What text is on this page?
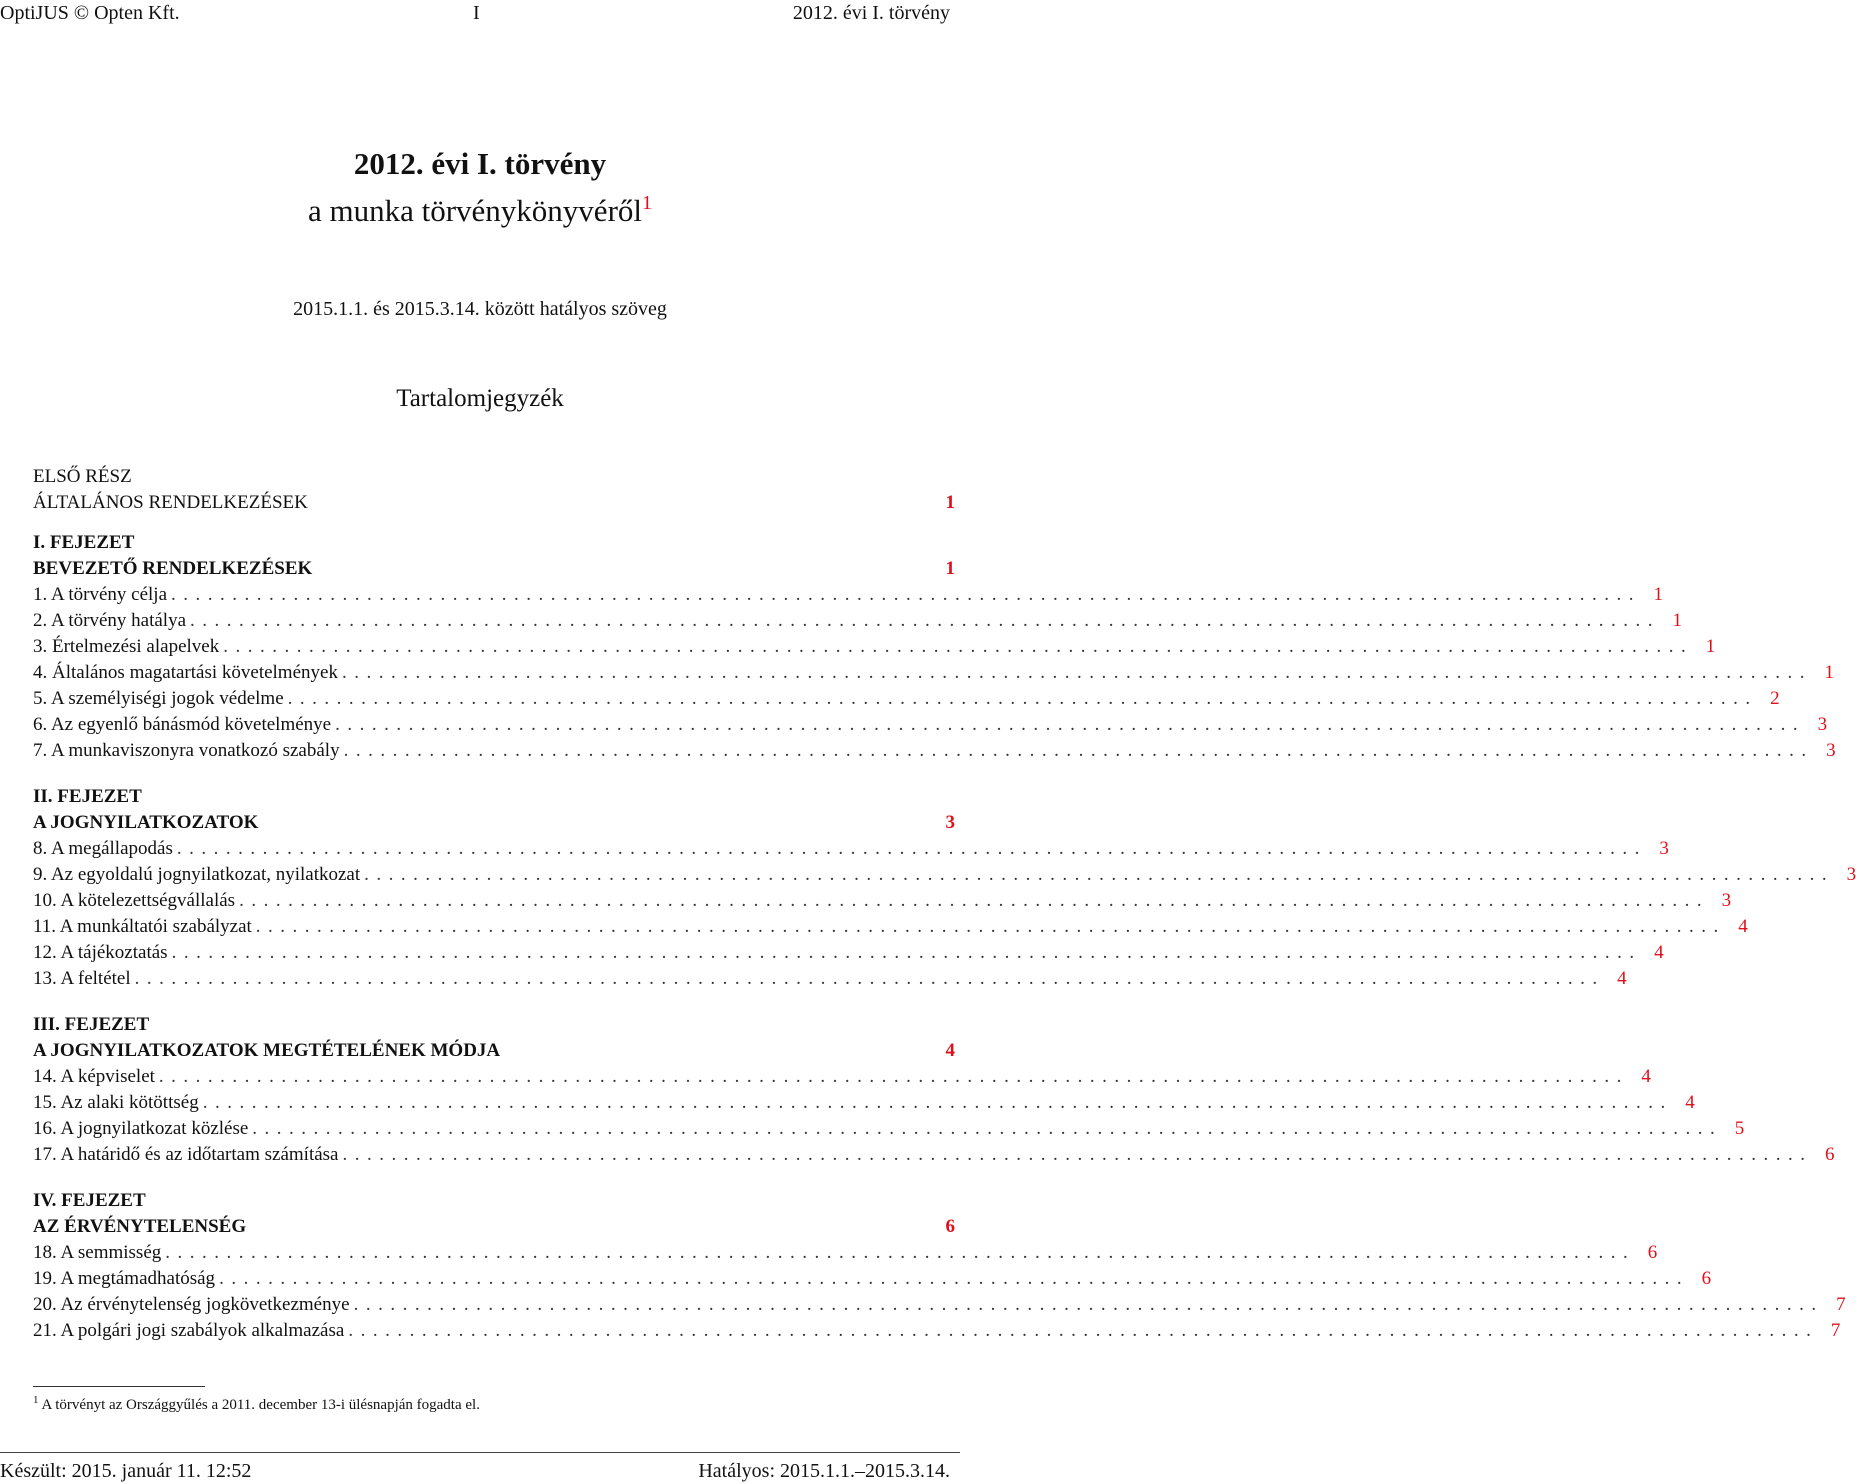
OptiJUS © Opten Kft.	I	2012. évi I. törvény
2012. évi I. törvény
a munka törvénykönyvéről$^1$
2015.1.1. és 2015.3.14. között hatályos szöveg
Tartalomjegyzék
ELSŐ RÉSZ
ÁLTALÁNOS RENDELKEZÉSEK	1
I. FEJEZET
BEVEZETŐ RENDELKEZÉSEK	1
1. A törvény célja ........................................................................................................................ 1
2. A törvény hatálya ........................................................................................................................ 1
3. Értelmezési alapelvek ........................................................................................................................ 1
4. Általános magatartási követelmények ........................................................................................................................ 1
5. A személyiségi jogok védelme ........................................................................................................................ 2
6. Az egyenlő bánásmód követelménye ........................................................................................................................ 3
7. A munkaviszonyra vonatkozó szabály ........................................................................................................................ 3
II. FEJEZET
A JOGNYILATKOZATOK	3
8. A megállapodás ........................................................................................................................ 3
9. Az egyoldalú jognyilatkozat, nyilatkozat ........................................................................................................................ 3
10. A kötelezettségvállalás ........................................................................................................................ 3
11. A munkáltatói szabályzat ........................................................................................................................ 4
12. A tájékoztatás ........................................................................................................................ 4
13. A feltétel ........................................................................................................................ 4
III. FEJEZET
A JOGNYILATKOZATOK MEGTÉTELÉNEK MÓDJA	4
14. A képviselet ........................................................................................................................ 4
15. Az alaki kötöttség ........................................................................................................................ 4
16. A jognyilatkozat közlése ........................................................................................................................ 5
17. A határidő és az időtartam számítása ........................................................................................................................ 6
IV. FEJEZET
AZ ÉRVÉNYTELENSÉG	6
18. A semmisség ........................................................................................................................ 6
19. A megtámadhatóság ........................................................................................................................ 6
20. Az érvénytelenség jogkövetkezménye ........................................................................................................................ 7
21. A polgári jogi szabályok alkalmazása ........................................................................................................................ 7
$^1$ A törvényt az Országgyűlés a 2011. december 13-i ülésnapján fogadta el.
Készült: 2015. január 11. 12:52	Hatályos: 2015.1.1.–2015.3.14.
